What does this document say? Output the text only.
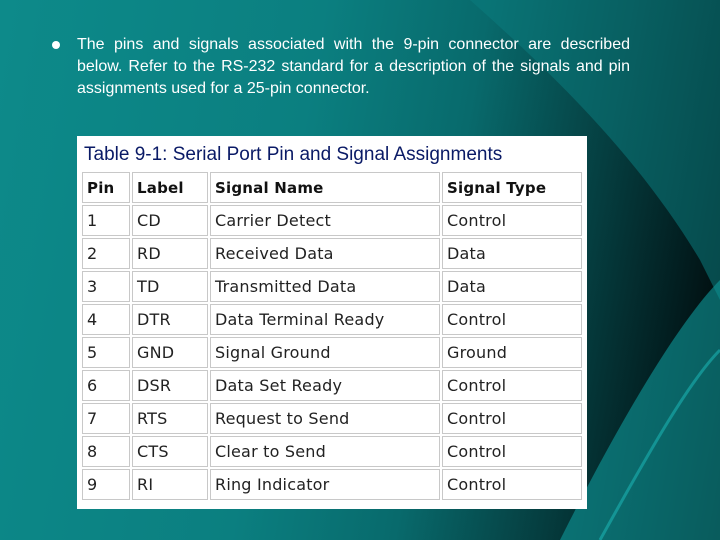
The pins and signals associated with the 9-pin connector are described below. Refer to the RS-232 standard for a description of the signals and pin assignments used for a 25-pin connector.
Table 9-1: Serial Port Pin and Signal Assignments
Pin	Label	Signal Name	Signal Type
1	CD	Carrier Detect	Control
2	RD	Received Data	Data
3	TD	Transmitted Data	Data
4	DTR	Data Terminal Ready	Control
5	GND	Signal Ground	Ground
6	DSR	Data Set Ready	Control
7	RTS	Request to Send	Control
8	CTS	Clear to Send	Control
9	RI	Ring Indicator	Control
